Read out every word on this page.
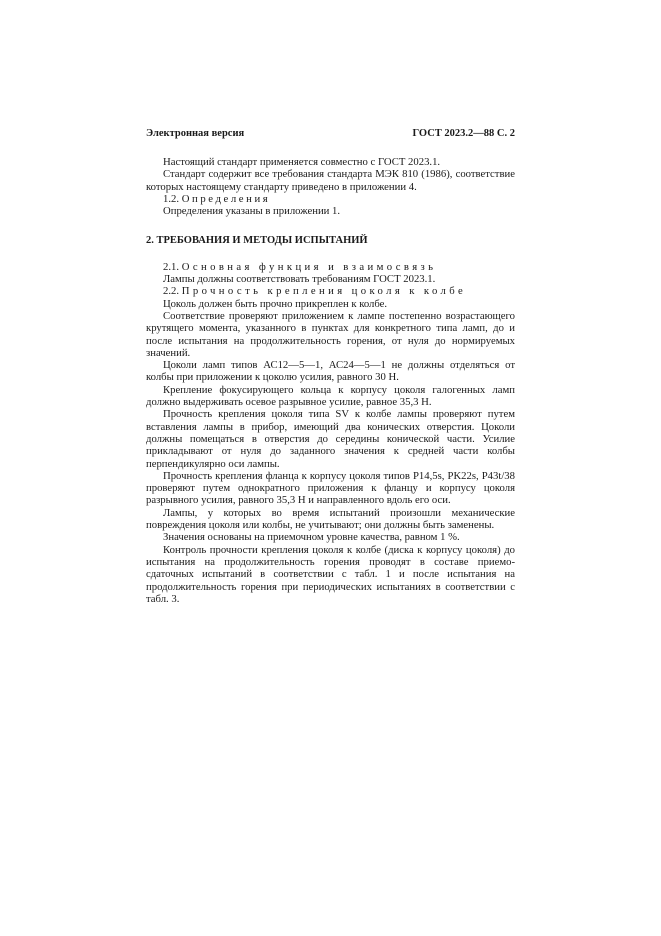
Электронная версия	ГОСТ 2023.2—88 С. 2

Настоящий стандарт применяется совместно с ГОСТ 2023.1.

Стандарт содержит все требования стандарта МЭК 810 (1986), соответствие которых настоящему стандарту приведено в приложении 4.

1.2. Определения

Определения указаны в приложении 1.

2. ТРЕБОВАНИЯ И МЕТОДЫ ИСПЫТАНИЙ

2.1. Основная функция и взаимосвязь

Лампы должны соответствовать требованиям ГОСТ 2023.1.

2.2. Прочность крепления цоколя к колбе

Цоколь должен быть прочно прикреплен к колбе.

Соответствие проверяют приложением к лампе постепенно возрастающего крутящего момента, указанного в пунктах для конкретного типа ламп, до и после испытания на продолжительность горения, от нуля до нормируемых значений.

Цоколи ламп типов АС12—5—1, АС24—5—1 не должны отделяться от колбы при приложении к цоколю усилия, равного 30 Н.

Крепление фокусирующего кольца к корпусу цоколя галогенных ламп должно выдерживать осевое разрывное усилие, равное 35,3 Н.

Прочность крепления цоколя типа SV к колбе лампы проверяют путем вставления лампы в прибор, имеющий два конических отверстия. Цоколи должны помещаться в отверстия до середины конической части. Усилие прикладывают от нуля до заданного значения к средней части колбы перпендикулярно оси лампы.

Прочность крепления фланца к корпусу цоколя типов P14,5s, PK22s, P43t/38 проверяют путем однократного приложения к фланцу и корпусу цоколя разрывного усилия, равного 35,3 Н и направленного вдоль его оси.

Лампы, у которых во время испытаний произошли механические повреждения цоколя или колбы, не учитывают; они должны быть заменены.

Значения основаны на приемочном уровне качества, равном 1 %.

Контроль прочности крепления цоколя к колбе (диска к корпусу цоколя) до испытания на продолжительность горения проводят в составе приемо-сдаточных испытаний в соответствии с табл. 1 и после испытания на продолжительность горения при периодических испытаниях в соответствии с табл. 3.
